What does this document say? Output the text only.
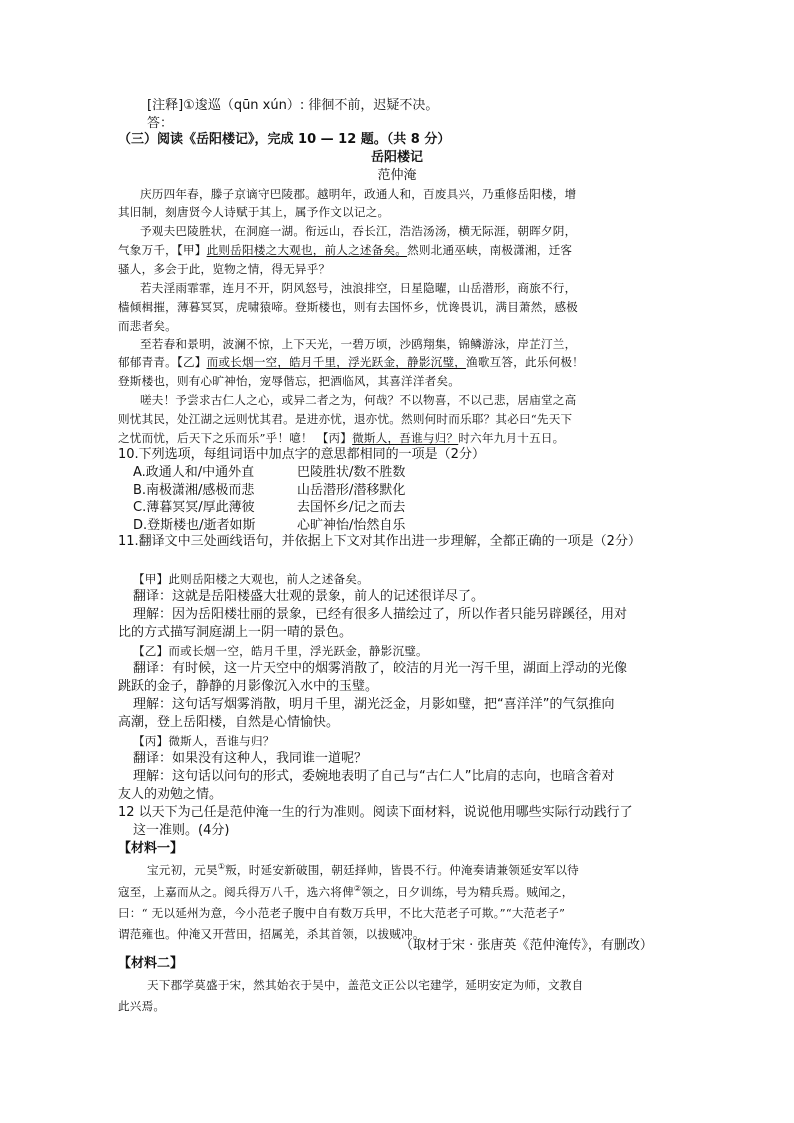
[注释]①逡巡（qūn xún）: 徘徊不前，迟疑不决。
答：
（三）阅读《岳阳楼记》，完成 10 — 12 题。（共 8 分）
岳阳楼记
范仲淹
庆历四年春，滕子京谪守巴陵郡。越明年，政通人和，百废具兴，乃重修岳阳楼，增
其旧制，刻唐贤今人诗赋于其上，属予作文以记之。
予观夫巴陵胜状，在洞庭一湖。衔远山，吞长江，浩浩汤汤，横无际涯，朝晖夕阴，
气象万千，【甲】此则岳阳楼之大观也，前人之述备矣。然则北通巫峡，南极潇湘，迁客
骚人，多会于此，览物之情，得无异乎？
若夫淫雨霏霏，连月不开，阴风怒号，浊浪排空，日星隐曜，山岳潜形，商旅不行，
樯倾楫摧，薄暮冥冥，虎啸猿啼。登斯楼也，则有去国怀乡，忧谗畏讥，满目萧然，感极
而悲者矣。
至若春和景明，波澜不惊，上下天光，一碧万顷，沙鸥翔集，锦鳞游泳，岸芷汀兰，
郁郁青青。【乙】而或长烟一空，皓月千里，浮光跃金，静影沉璧，渔歌互答，此乐何极！
登斯楼也，则有心旷神怡，宠辱偕忘，把酒临风，其喜洋洋者矣。
嗟夫！予尝求古仁人之心，或异二者之为，何哉？不以物喜，不以己悲，居庙堂之高
则忧其民，处江湖之远则忧其君。是进亦忧，退亦忧。然则何时而乐耶？其必曰“先天下
之忧而忧，后天下之乐而乐”乎！噫！ 【丙】微斯人，吾谁与归？时六年九月十五日。
10.下列选项，每组词语中加点字的意思都相同的一项是（2分）
A.政通人和/中通外直	巴陵胜状/数不胜数
B.南极潇湘/感极而悲	山岳潜形/潜移默化
C.薄暮冥冥/厚此薄彼	去国怀乡/记之而去
D.登斯楼也/逝者如斯	心旷神怡/怡然自乐
11.翻译文中三处画线语句，并依据上下文对其作出进一步理解，全都正确的一项是（2分）
【甲】此则岳阳楼之大观也，前人之述备矣。
翻译：这就是岳阳楼盛大壮观的景象，前人的记述很详尽了。
理解：因为岳阳楼壮丽的景象，已经有很多人描绘过了，所以作者只能另辟蹊径，用对
比的方式描写洞庭湖上一阴一晴的景色。
【乙】而或长烟一空，皓月千里，浮光跃金，静影沉璧。
翻译：有时候，这一片天空中的烟雾消散了，皎洁的月光一泻千里，湖面上浮动的光像
跳跃的金子，静静的月影像沉入水中的玉璧。
理解：这句话写烟雾消散，明月千里，湖光泛金，月影如璧，把“喜洋洋”的气氛推向
高潮，登上岳阳楼，自然是心情愉快。
【丙】微斯人，吾谁与归？
翻译：如果没有这种人，我同谁一道呢？
理解：这句话以问句的形式，委婉地表明了自己与“古仁人”比肩的志向，也暗含着对
友人的劝勉之情。
12 以天下为己任是范仲淹一生的行为准则。阅读下面材料，说说他用哪些实际行动践行了
这一准则。(4分)
【材料一】
宝元初，元昊①叛，时延安新破围，朝廷择帅，皆畏不行。仲淹奏请兼领延安军以待
寇至，上嘉而从之。阅兵得万八千，选六将俾②领之，日夕训练，号为精兵焉。贼闻之，
曰：“ 无以延州为意，今小范老子腹中自有数万兵甲，不比大范老子可欺。”“大范老子”
谓范雍也。仲淹又开营田，招属羌，杀其首领，以拔贼冲。
（取材于宋 · 张唐英《范仲淹传》，有删改）
【材料二】
天下郡学莫盛于宋，然其始衣于吴中，盖范文正公以宅建学，延明安定为师，文教自
此兴焉。
